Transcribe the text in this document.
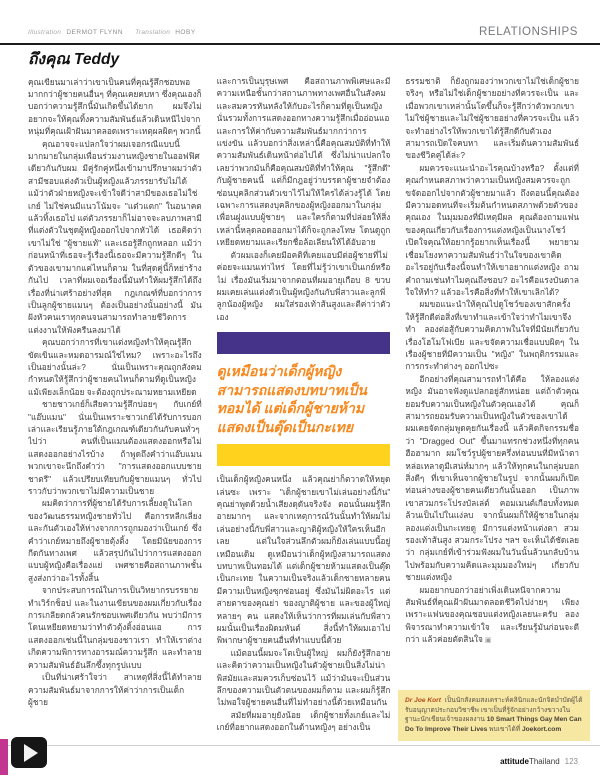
Illustration DERMOT FLYNN Translation HOBY	RELATIONSHIPS
ถึงคุณ Teddy

คุณเขียนมาเล่าว่าเขาเป็นคนที่คุณรู้สึกชอบพอมากกว่าผู้ชายคนอื่นๆ ที่คุณเคยคบหา ซึ่งคุณเองก็บอกว่าความรู้สึกนี้มันเกิดขึ้นได้ยาก ผมจึงไม่อยากจะให้คุณทิ้งความสัมพันธ์แล้วเดินหนีไปจากหนุ่มที่คุณเฝ้าฝันมาตลอดเพราะเหตุผลผิดๆ พวกนี้

คุณอาจจะแปลกใจว่าผมเจอกรณีแบบนี้มากมายในกลุ่มเพื่อนร่วมงานหญิงชายในออฟฟิศเดียวกันกับผม มีคู่รักคู่หนึ่งเข้ามาปรึกษาผมว่าตัวสามีชอบแต่งตัวเป็นผู้หญิงแล้วภรรยารับไม่ได้ แม้ว่าตัวฝ่ายหญิงจะเข้าใจดีว่าสามีของเธอไม่ใช่เกย์ ไม่ใช่คนมีแนวโน้มจะ "แต๋วแตก" ในอนาคต แล้วทิ้งเธอไป แต่ตัวภรรยาก็ไม่อาจจะลบภาพสามีที่แต่งตัวในชุดผู้หญิงออกไปจากหัวได้ เธอคิดว่าเขาไม่ใช่ "ผู้ชายแท้" และเธอรู้สึกถูกหลอก แม้ว่าก่อนหน้าที่เธอจะรู้เรื่องนี้เธอจะมีความรู้สึกดีๆ ในตัวของเขามากแค่ไหนก็ตาม ในที่สุดคู่นี้ก็หย่าร้างกันไป เวลาที่ผมเจอเรื่องนี้มันทำให้ผมรู้สึกได้ถึงเรื่องที่น่าเศร้าอย่างที่สุด กฎเกณฑ์ที่บอกว่าการเป็นลูกผู้ชายแมนๆ ต้องเป็นอย่างนั้นอย่างนี้ มันฝังหัวคนเราทุกคนจนสามารถทำลายชีวิตการแต่งงานให้พังครืนลงมาได้

คุณบอกว่าการที่เขาแต่งหญิงทำให้คุณรู้สึกขัดเขินและหมดอารมณ์ใช่ไหม? เพราะอะไรถึงเป็นอย่างนั้นล่ะ? นั่นเป็นเพราะคุณถูกสังคมกำหนดให้รู้สึกว่าผู้ชายคนไหนก็ตามที่ดูเป็นหญิงแม้เพียงเล็กน้อย จะต้องถูกประณามหยามเหยียด

ชายชาวเกย์ก็เสียความรู้สึกบ่อยๆ กับเกย์ที่ "แอ๊บแมน" นั่นเป็นเพราะชาวเกย์ได้รับการบอกเล่าและเรียนรู้ภายใต้กฎเกณฑ์เดียวกันกับคนทั่วๆ ไปว่า คนที่เป็นแมนต้องแสดงออกหรือไม่แสดงออกอย่างไรบ้าง ถ้าพูดถึงคำว่าแอ๊บแมน พวกเขาจะนึกถึงคำว่า "การแสดงออกแบบชายชาตรี" แล้วเปรียบเทียบกับผู้ชายแมนๆ ทั่วไป ราวกับว่าพวกเขาไม่มีความเป็นชาย

ผมคิดว่าการที่ผู้ชายได้รับการเลี้ยงดูในโลกของวัฒนธรรมหญิงชายทั่วไป คือการหลีกเลี่ยงและกันตัวเองให้ห่างจากการถูกมองว่าเป็นเกย์ ซึ่งคำว่าเกย์หมายถึงผู้ชายตุ้งติ้ง โดยมีนัยของการกีดกันทางเพศ แล้วสรุปกันไปว่าการแสดงออกแบบผู้หญิงคือเรื่องแย่ เพศชายคือสถานภาพชั้นสูงส่งกว่าอะไรทั้งสิ้น

จากประสบการณ์ในการเป็นวิทยากรบรรยายทำเวิร์กช็อป และในงานเขียนของผมเกี่ยวกับเรื่องการเกลียดกลัวคนรักชอบเพศเดียวกัน พบว่ามีการโดนเหยียดหยามว่าทำตัวตุ้งติ้งอ่อนแอ การแสดงออกเช่นนี้ในกลุ่มของชาวเรา ทำให้เราต่างเกิดความพิการทางอารมณ์ความรู้สึก และทำลายความสัมพันธ์อันลึกซึ้งทุกรูปแบบ

เป็นที่น่าเศร้าใจว่า สาเหตุที่สิ่งนี้ได้ทำลายความสัมพันธ์มาจากการให้ค่าว่าการเป็นเด็กผู้ชาย

และการเป็นบุรุษเพศ คือสถานภาพพิเศษและมีความเหนือชั้นกว่าสถานภาพทางเพศอื่นในสังคม และสมควรหันหลังให้กับอะไรก็ตามที่ดูเป็นหญิง นั่นรวมทั้งการแสดงออกทางความรู้สึกเมื่ออ่อนแอ และการให้ค่ากับความสัมพันธ์มากกว่าการแข่งขัน แล้วบอกว่าสิ่งเหล่านี้คือคุณสมบัติที่ทำให้ความสัมพันธ์เดินหน้าต่อไปได้ ซึ่งไม่น่าแปลกใจเลยว่าพวกมันก็คือคุณสมบัติที่ทำให้คุณ "รู้สึกดี" กับผู้ชายคนนี้ แต่ก็มีกฎอยู่ว่าบรรดาผู้ชายจำต้องซ่อนบุคลิกส่วนตัวเขาไว้ไม่ให้ใครได้ล่วงรู้ได้ โดยเฉพาะการแสดงบุคลิกของผู้หญิงออกมาในกลุ่มเพื่อนฝูงแบบผู้ชายๆ และใครก็ตามที่ปล่อยให้สิ่งเหล่านี้หลุดลอดออกมาได้ก็จะถูกลงโทษ โดนดูถูกเหยียดหยามและเรียกชื่อล้อเลียนให้ได้อับอาย

ตัวผมเองก็เคยมีอคติที่เคยแอบมีต่อผู้ชายที่ไม่ค่อยจะแมนเท่าไหร่ โดยที่ไม่รู้ว่าเขาเป็นเกย์หรือไม่ เรื่องมันเริ่มมาจากตอนที่ผมอายุเกือบ 8 ขวบ ผมเคยเล่นแต่งตัวเป็นผู้หญิงกันกับพี่สาวและลูกพี่ลูกน้องผู้หญิง ผมใส่รองเท้าส้นสูงและตีค่าว่าตัวเอง

ดูเหมือนว่าเด็กผู้หญิงสามารถแสดงบทบาทเป็นทอมได้ แต่เด็กผู้ชายห้ามแสดงเป็นตุ๊ดเป็นกะเทย

เป็นเด็กผู้หญิงคนหนึ่ง แล้วคุณย่าก็ตวาดให้หยุดเล่นซะ เพราะ "เด็กผู้ชายเขาไม่เล่นอย่างนี้กัน" คุณย่าพูดด้วยน้ำเสียงดุดันจริงจัง ตอนนั้นผมรู้สึกอายมากๆ และจากเหตุการณ์วันนั้นทำให้ผมไม่เล่นอย่างนี้กับพี่สาวและญาติผู้หญิงให้ใครเห็นอีกเลย แต่ในใจส่วนลึกตัวผมก็ยังเล่นแบบนี้อยู่เหมือนเดิม ดูเหมือนว่าเด็กผู้หญิงสามารถแสดงบทบาทเป็นทอมได้ แต่เด็กผู้ชายห้ามแสดงเป็นตุ๊ดเป็นกะเทย ในความเป็นจริงแล้วเด็กชายหลายคนมีความเป็นหญิงซุกซ่อนอยู่ ซึ่งมันไม่ผิดอะไร แต่สายตาของคุณย่า ของญาติผู้ชาย และของผู้ใหญ่หลายๆ คน แสดงให้เห็นว่าการที่ผมเล่นกับพี่สาวผมนั้นเป็นเรื่องผิดมหันต์ สิ่งนี้ทำให้ผมเอาไปพิพากษาผู้ชายคนอื่นที่ทำแบบนี้ด้วย

แม้ตอนนี้ผมจะโตเป็นผู้ใหญ่ ผมก็ยังรู้สึกอายและคิดว่าความเป็นหญิงในตัวผู้ชายเป็นสิ่งไม่น่าพิสมัยและสมควรเก็บซ่อนไว้ แม้ว่ามันจะเป็นส่วนลึกของความเป็นตัวตนของผมก็ตาม และผมก็รู้สึกไม่พอใจผู้ชายคนอื่นที่ไม่ทำอย่างนี้ด้วยเหมือนกัน

สมัยที่ผมอายุยังน้อย เด็กผู้ชายทั้งเกย์และไม่เกย์ที่อยากแสดงออกในด้านหญิงๆ อย่างเป็น

ธรรมชาติ ก็ยังถูกมองว่าพวกเขาไม่ใช่เด็กผู้ชายจริงๆ หรือไม่ใช่เด็กผู้ชายอย่างที่ควรจะเป็น และเมื่อพวกเขาเหล่านั้นโตขึ้นก็จะรู้สึกว่าตัวพวกเขาไม่ใช่ผู้ชายและไม่ใช่ผู้ชายอย่างที่ควรจะเป็น แล้วจะทำอย่างไรให้พวกเขาได้รู้สึกดีกับตัวเอง สามารถเปิดใจคบหา และเริ่มต้นความสัมพันธ์ของชีวิตคู่ได้ล่ะ?

ผมควรจะแนะนำอะไรคุณบ้างหรือ? ตั้งแต่ที่คุณกำหนดสภาพว่าความเป็นหญิงสมควรจะถูกขจัดออกไปจากตัวผู้ชายมาแล้ว ถึงตอนนี้คุณต้องมีความอดทนที่จะเริ่มต้นกำหนดสภาพด้วยตัวของคุณเอง ในมุมมองที่มีเหตุมีผล คุณต้องถามแฟนของคุณเกี่ยวกับเรื่องการแต่งหญิงเป็นนางโชว์ เปิดใจคุณให้อยากรู้อยากเห็นเรื่องนี้ พยายามเชื่อมโยงหาความสัมพันธ์ว่าในใจของเขาคิดอะไรอยู่กับเรื่องนี้จนทำให้เขาอยากแต่งหญิง ถามคำถามเช่นทำไมคุณถึงชอบ? อะไรคือแรงบันดาลใจให้ทำ? แล้วอะไรคือสิ่งที่ทำให้เขาเลิกได้?

ผมขอแนะนำให้คุณไปดูโชว์ของเขาสักครั้ง ให้รู้สึกดีต่อสิ่งที่เขาทำและเข้าใจว่าทำไมเขาจึงทำ ลองต่อสู้กับความคิดภาพในใจที่มีนัยเกี่ยวกับเรื่องโฮโมโฟเบีย และขจัดความเชื่อแบบผิดๆ ในเรื่องผู้ชายที่มีความเป็น "หญิง" ในพฤติกรรมและการกระทำต่างๆ ออกไปซะ

อีกอย่างที่คุณสามารถทำได้คือ ให้ลองแต่งหญิง มันอาจฟังดูแปลกอยู่สักหน่อย แต่ถ้าตัวคุณยอมรับความเป็นหญิงในตัวคุณเองได้ คุณก็สามารถยอมรับความเป็นหญิงในตัวของเขาได้ ผมเคยจัดกลุ่มพูดคุยกันเรื่องนี้ แล้วคิดกิจกรรมชื่อว่า "Dragged Out" ขึ้นมาแทรกช่วงหนึ่งที่ทุกคนฮือฮามาก ผมโชว์รูปผู้ชายครึ่งท่อนบนที่มีหน้าตาหล่อเหลาดูมีเสน่ห์มากๆ แล้วให้ทุกคนในกลุ่มบอกสิ่งดีๆ ที่เขาเห็นจากผู้ชายในรูป จากนั้นผมก็เปิดท่อนล่างของผู้ชายคนเดียวกันนั้นออก เป็นภาพเขาสวมกระโปรงบัลเล่ต์ คอมเมนต์เกือบทั้งหมดล้วนเป็นไปในแง่ลบ จากนั้นผมก็ให้ผู้ชายในกลุ่มลองแต่งเป็นกะเทยดู มีการแต่งหน้าแต่งตา สวมรองเท้าส้นสูง สวมกระโปรง ฯลฯ จะเห็นได้ชัดเลยว่า กลุ่มเกย์ที่เข้าร่วมฟังผมในวันนั้นล้วนกลับบ้านไปพร้อมกับความคิดและมุมมองใหม่ๆ เกี่ยวกับชายแต่งหญิง

ผมอยากบอกว่าอย่าเพิ่งเดินหนีจากความสัมพันธ์ที่คุณเฝ้าฝันมาตลอดชีวิตไปง่ายๆ เพียงเพราะแฟนของคุณชอบแต่งหญิงเลยนะครับ ลองพิจารณาทำความเข้าใจ และเรียนรู้มันก่อนจะดีกว่า แล้วค่อยตัดสินใจ ▣

Dr Joe Kort เป็นนักสังคมสงเคราะห์คลินิกและนักจิตบำบัดผู้ได้รับอนุญาตประกอบวิชาชีพ เขาเป็นที่รู้จักอย่างกว้างขวางในฐานะนักเขียนเจ้าของผลงาน 10 Smart Things Gay Men Can Do To Improve Their Lives พบเขาได้ที่ Joekort.com
attitudeThailand 123
